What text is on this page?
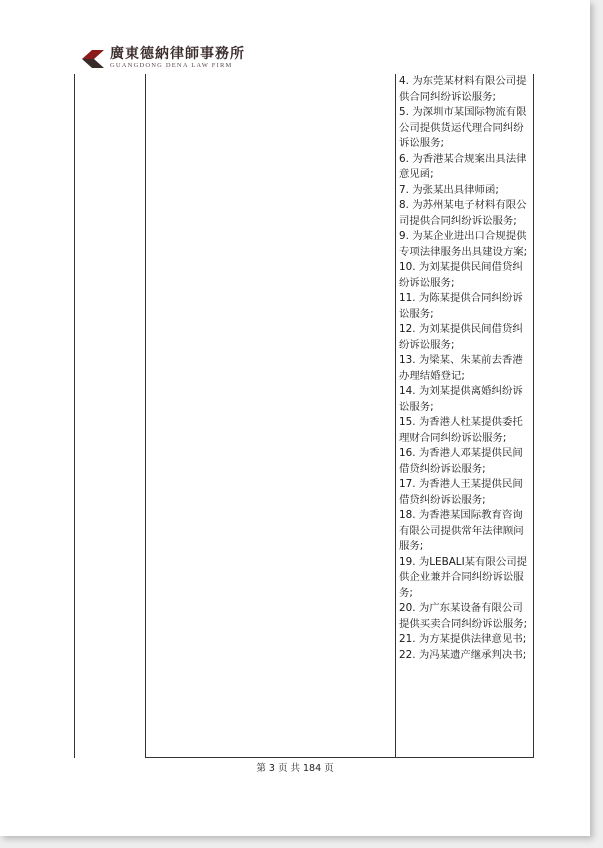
廣東德納律師事務所
GUANGDONG DENA LAW FIRM

4. 为东莞某材料有限公司提供合同纠纷诉讼服务;

5. 为深圳市某国际物流有限公司提供货运代理合同纠纷诉讼服务;

6. 为香港某合规案出具法律意见函;

7. 为张某出具律师函;

8. 为苏州某电子材料有限公司提供合同纠纷诉讼服务;

9. 为某企业进出口合规提供专项法律服务出具建设方案;

10. 为刘某提供民间借贷纠纷诉讼服务;

11. 为陈某提供合同纠纷诉讼服务;

12. 为刘某提供民间借贷纠纷诉讼服务;

13. 为梁某、朱某前去香港办理结婚登记;

14. 为刘某提供离婚纠纷诉讼服务;

15. 为香港人杜某提供委托理财合同纠纷诉讼服务;

16. 为香港人邓某提供民间借贷纠纷诉讼服务;

17. 为香港人王某提供民间借贷纠纷诉讼服务;

18. 为香港某国际教育咨询有限公司提供常年法律顾问服务;

19. 为LEBALI某有限公司提供企业兼并合同纠纷诉讼服务;

20. 为广东某设备有限公司提供买卖合同纠纷诉讼服务;

21. 为方某提供法律意见书;

22. 为冯某遗产继承判决书;

第 3 页 共 184 页
